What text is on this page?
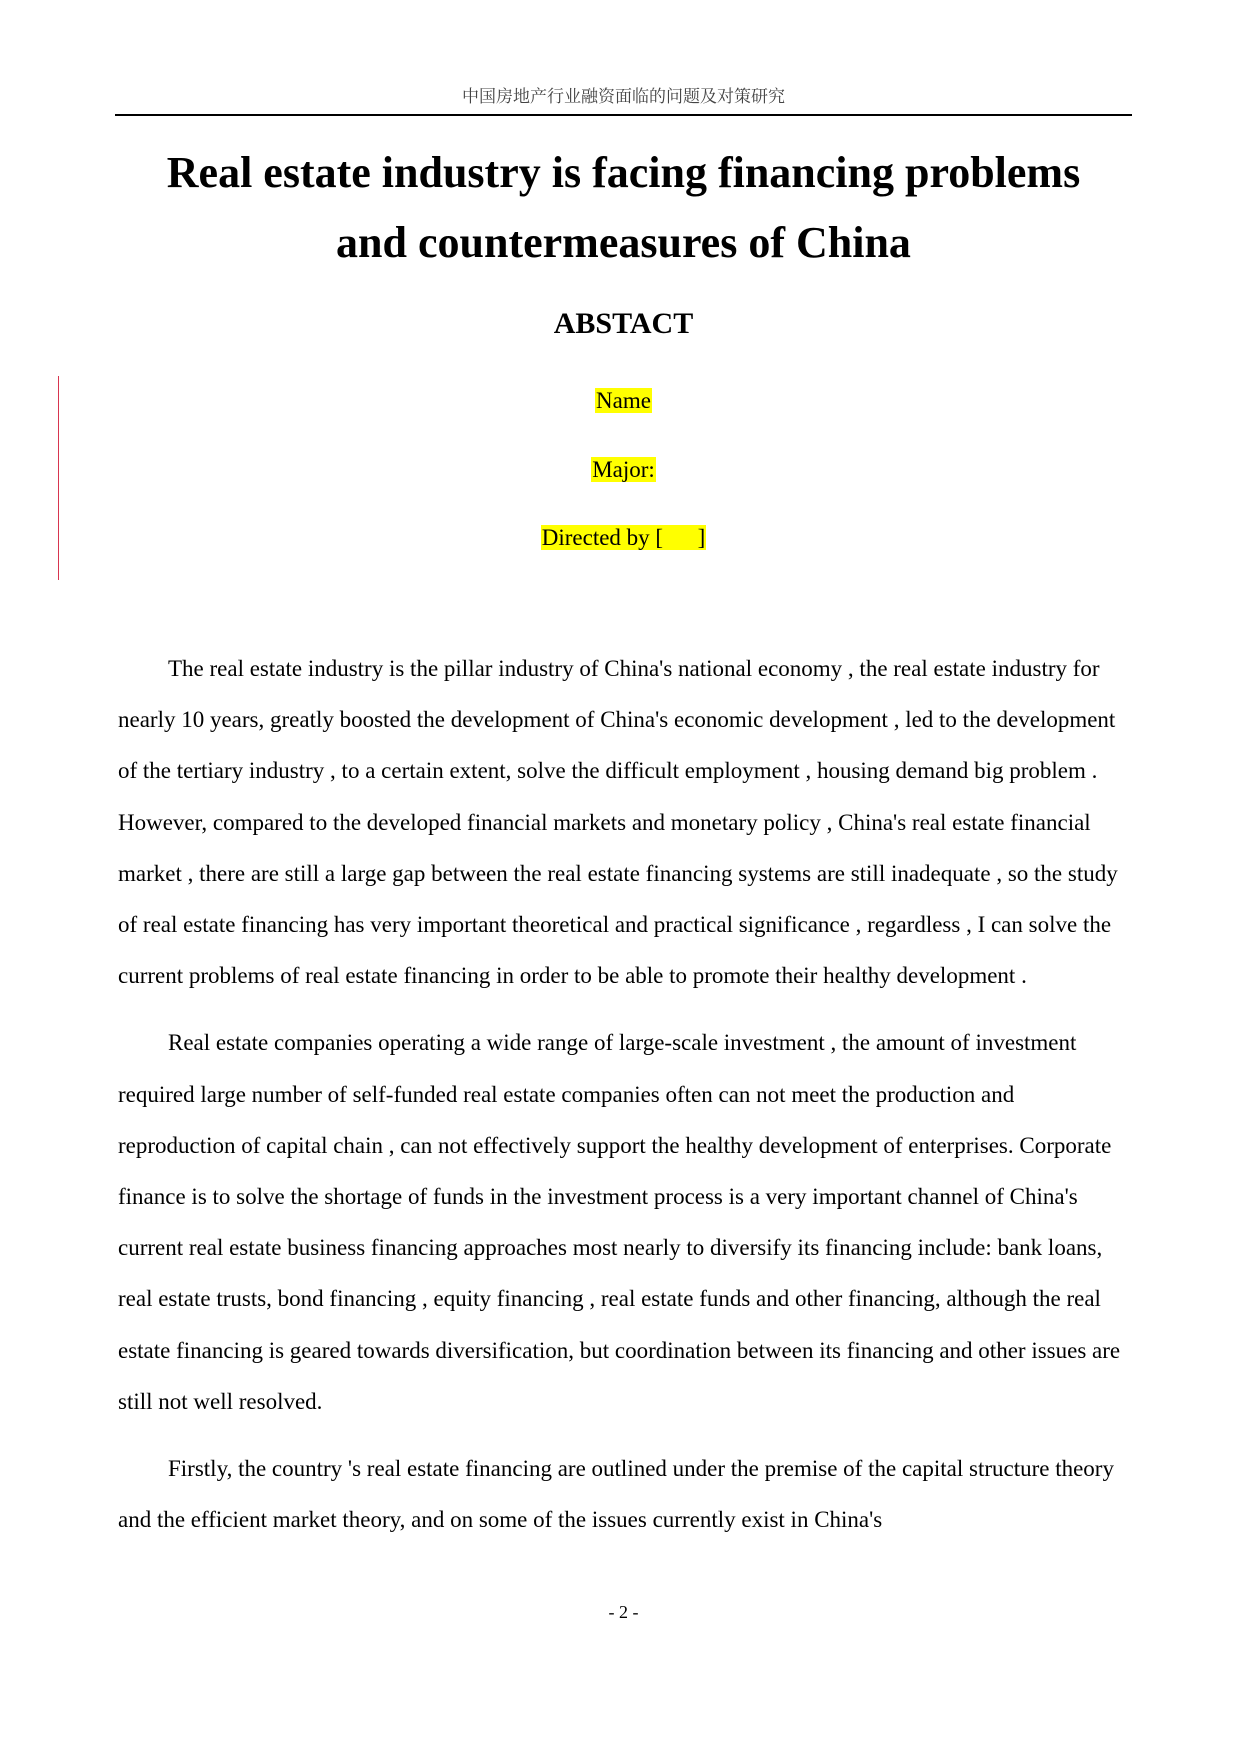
中国房地产行业融资面临的问题及对策研究
Real estate industry is facing financing problems
and countermeasures of China
ABSTACT
Name
Major:
Directed by [      ]

The real estate industry is the pillar industry of China's national economy , the real estate industry for nearly 10 years, greatly boosted the development of China's economic development , led to the development of the tertiary industry , to a certain extent, solve the difficult employment , housing demand big problem . However, compared to the developed financial markets and monetary policy , China's real estate financial market , there are still a large gap between the real estate financing systems are still inadequate , so the study of real estate financing has very important theoretical and practical significance , regardless , I can solve the current problems of real estate financing in order to be able to promote their healthy development .

Real estate companies operating a wide range of large-scale investment , the amount of investment required large number of self-funded real estate companies often can not meet the production and reproduction of capital chain , can not effectively support the healthy development of enterprises. Corporate finance is to solve the shortage of funds in the investment process is a very important channel of China's current real estate business financing approaches most nearly to diversify its financing include: bank loans, real estate trusts, bond financing , equity financing , real estate funds and other financing, although the real estate financing is geared towards diversification, but coordination between its financing and other issues are still not well resolved.

Firstly, the country 's real estate financing are outlined under the premise of the capital structure theory and the efficient market theory, and on some of the issues currently exist in China's

- 2 -
